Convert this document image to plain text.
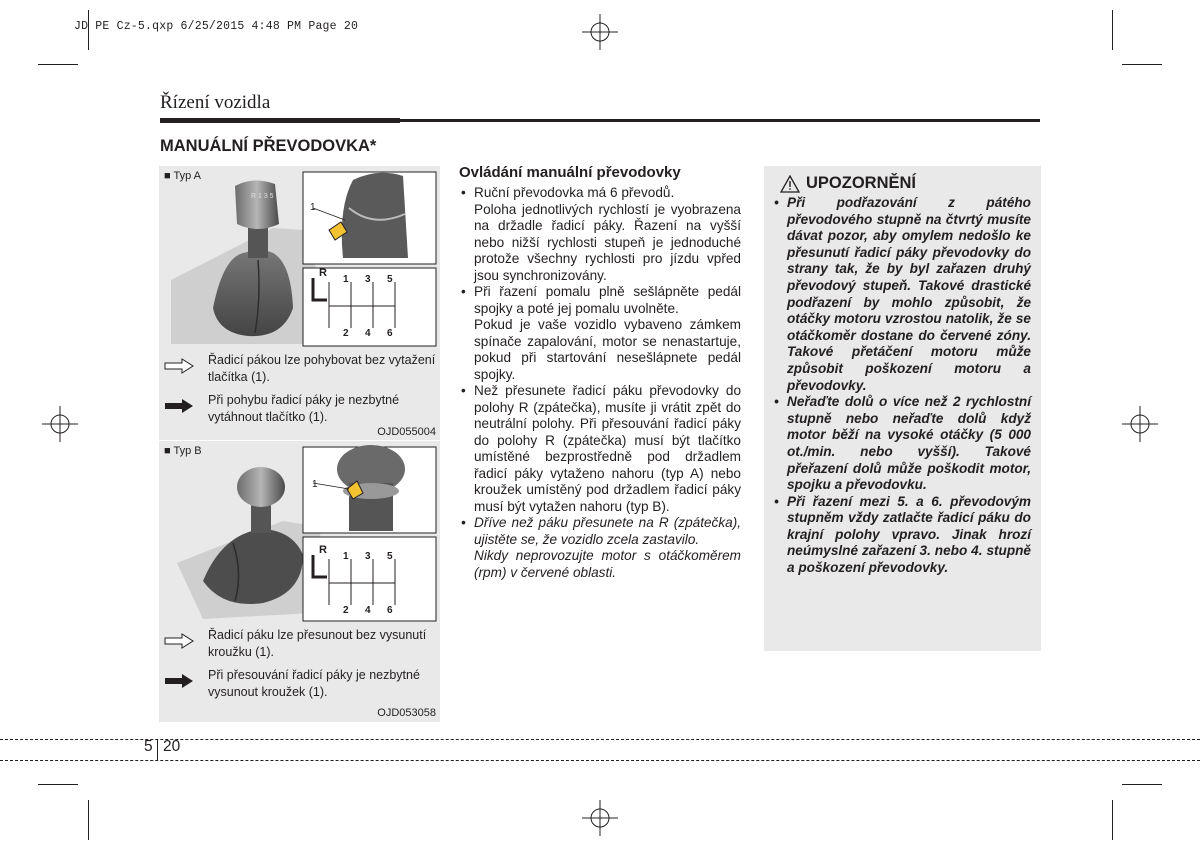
JD PE Cz-5.qxp 6/25/2015 4:48 PM Page 20
Řízení vozidla
MANUÁLNÍ PŘEVODOVKA*
■ Typ A
R 1 3 5
1
R
1 3 5
2 4 6
Řadicí pákou lze pohybovat bez vytažení tlačítka (1).
Při pohybu řadicí páky je nezbytné vytáhnout tlačítko (1).
OJD055004
■ Typ B
1
R
1 3 5
2 4 6
Řadicí páku lze přesunout bez vysunutí kroužku (1).
Při přesouvání řadicí páky je nezbytné vysunout kroužek (1).
OJD053058
Ovládání manuální převodovky

• Ruční převodovka má 6 převodů.

Poloha jednotlivých rychlostí je vyobrazena na držadle řadicí páky. Řazení na vyšší nebo nižší rychlosti stupeň je jednoduché protože všechny rychlosti pro jízdu vpřed jsou synchronizovány.

• Při řazení pomalu plně sešlápněte pedál spojky a poté jej pomalu uvolněte.

Pokud je vaše vozidlo vybaveno zámkem spínače zapalování, motor se nenastartuje, pokud při startování nesešlápnete pedál spojky.

• Než přesunete řadicí páku převodovky do polohy R (zpátečka), musíte ji vrátit zpět do neutrální polohy. Při přesouvání řadicí páky do polohy R (zpátečka) musí být tlačítko umístěné bezprostředně pod držadlem řadicí páky vytaženo nahoru (typ A) nebo kroužek umístěný pod držadlem řadicí páky musí být vytažen nahoru (typ B).

• Dříve než páku přesunete na R (zpátečka), ujistěte se, že vozidlo zcela zastavilo.

Nikdy neprovozujte motor s otáčkoměrem (rpm) v červené oblasti.

UPOZORNĚNÍ

• Při podřazování z pátého převodového stupně na čtvrtý musíte dávat pozor, aby omylem nedošlo ke přesunutí řadicí páky převodovky do strany tak, že by byl zařazen druhý převodový stupeň. Takové drastické podřazení by mohlo způsobit, že otáčky motoru vzrostou natolik, že se otáčkoměr dostane do červené zóny. Takové přetáčení motoru může způsobit poškození motoru a převodovky.

• Neřaďte dolů o více než 2 rychlostní stupně nebo neřaďte dolů když motor běží na vysoké otáčky (5 000 ot./min. nebo vyšší). Takové přeřazení dolů může poškodit motor, spojku a převodovku.

• Při řazení mezi 5. a 6. převodovým stupněm vždy zatlačte řadicí páku do krajní polohy vpravo. Jinak hrozí neúmyslné zařazení 3. nebo 4. stupně a poškození převodovky.

5 20
